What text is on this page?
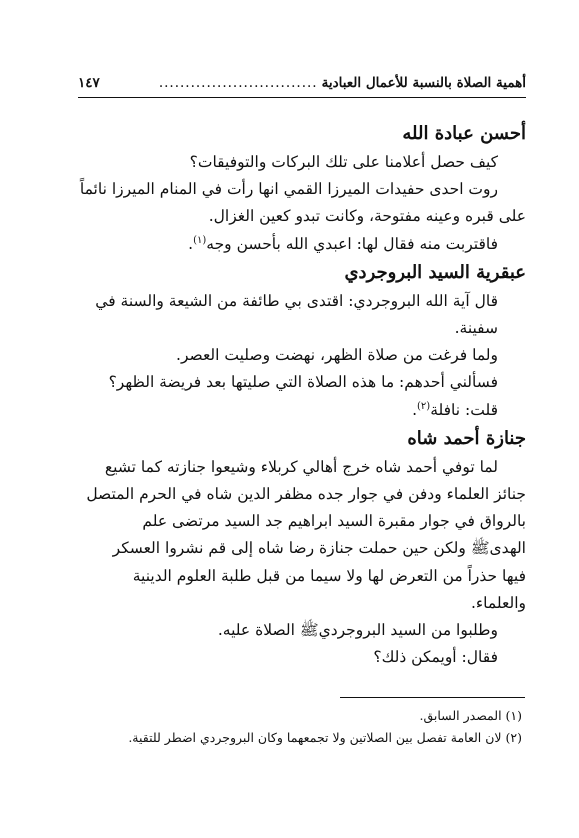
أهمية الصلاة بالنسبة للأعمال العبادية
..............................
١٤٧
أحسن عبادة الله

كيف حصل أعلامنا على تلك البركات والتوفيقات؟

روت احدى حفيدات الميرزا القمي انها رأت في المنام الميرزا نائماً

على قبره وعينه مفتوحة، وكانت تبدو كعين الغزال.

فاقتربت منه فقال لها: اعبدي الله بأحسن وجه$^{(١)}$.

عبقرية السيد البروجردي

قال آية الله البروجردي: اقتدى بي طائفة من الشيعة والسنة في سفينة.

ولما فرغت من صلاة الظهر، نهضت وصليت العصر.

فسألني أحدهم: ما هذه الصلاة التي صليتها بعد فريضة الظهر؟

قلت: نافلة$^{(٢)}$.

جنازة أحمد شاه

لما توفي أحمد شاه خرج أهالي كربلاء وشيعوا جنازته كما تشيع

جنائز العلماء ودفن في جوار جده مظفر الدين شاه في الحرم المتصل

بالرواق في جوار مقبرة السيد ابراهيم جد السيد مرتضى علم

الهدىﷺ ولكن حين حملت جنازة رضا شاه إلى قم نشروا العسكر

فيها حذراً من التعرض لها ولا سيما من قبل طلبة العلوم الدينية

والعلماء.

وطلبوا من السيد البروجرديﷺ الصلاة عليه.

فقال: أويمكن ذلك؟

(١) المصدر السابق.

(٢) لان العامة تفصل بين الصلاتين ولا تجمعهما وكان البروجردي اضطر للتقية.
